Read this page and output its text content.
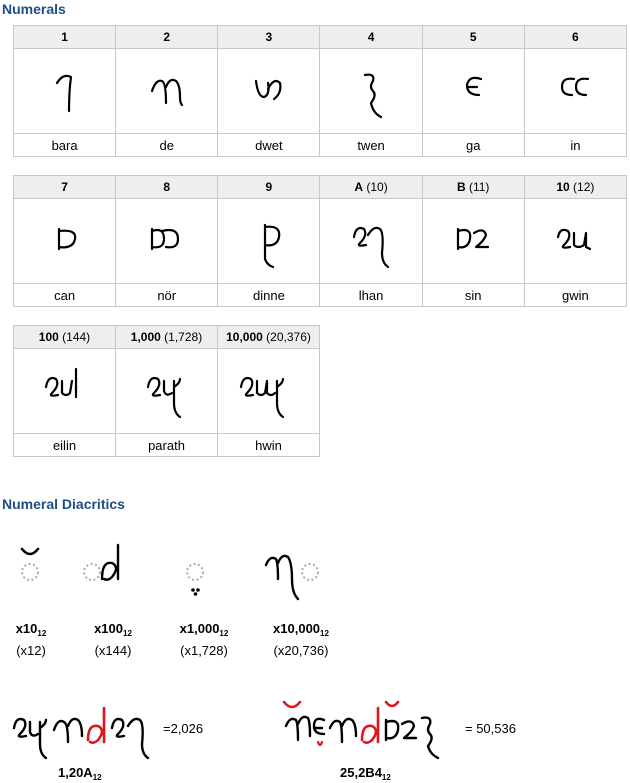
Numerals
1	2	3	4	5	6

bara	de	dwet	twen	ga	in
7	8	9	A (10)	B (11)	10 (12)

can	nör	dinne	lhan	sin	gwin
100 (144)	1,000 (1,728)	10,000 (20,376)

eilin	parath	hwin
Numeral Diacritics
$x10_{12}$
(x12)
$x100_{12}$
(x144)
$x1,000_{12}$
(x1,728)
$x10,000_{12}$
(x20,736)
=2,026
$1,20A_{12}$
= 50,536
$25,2B4_{12}$
